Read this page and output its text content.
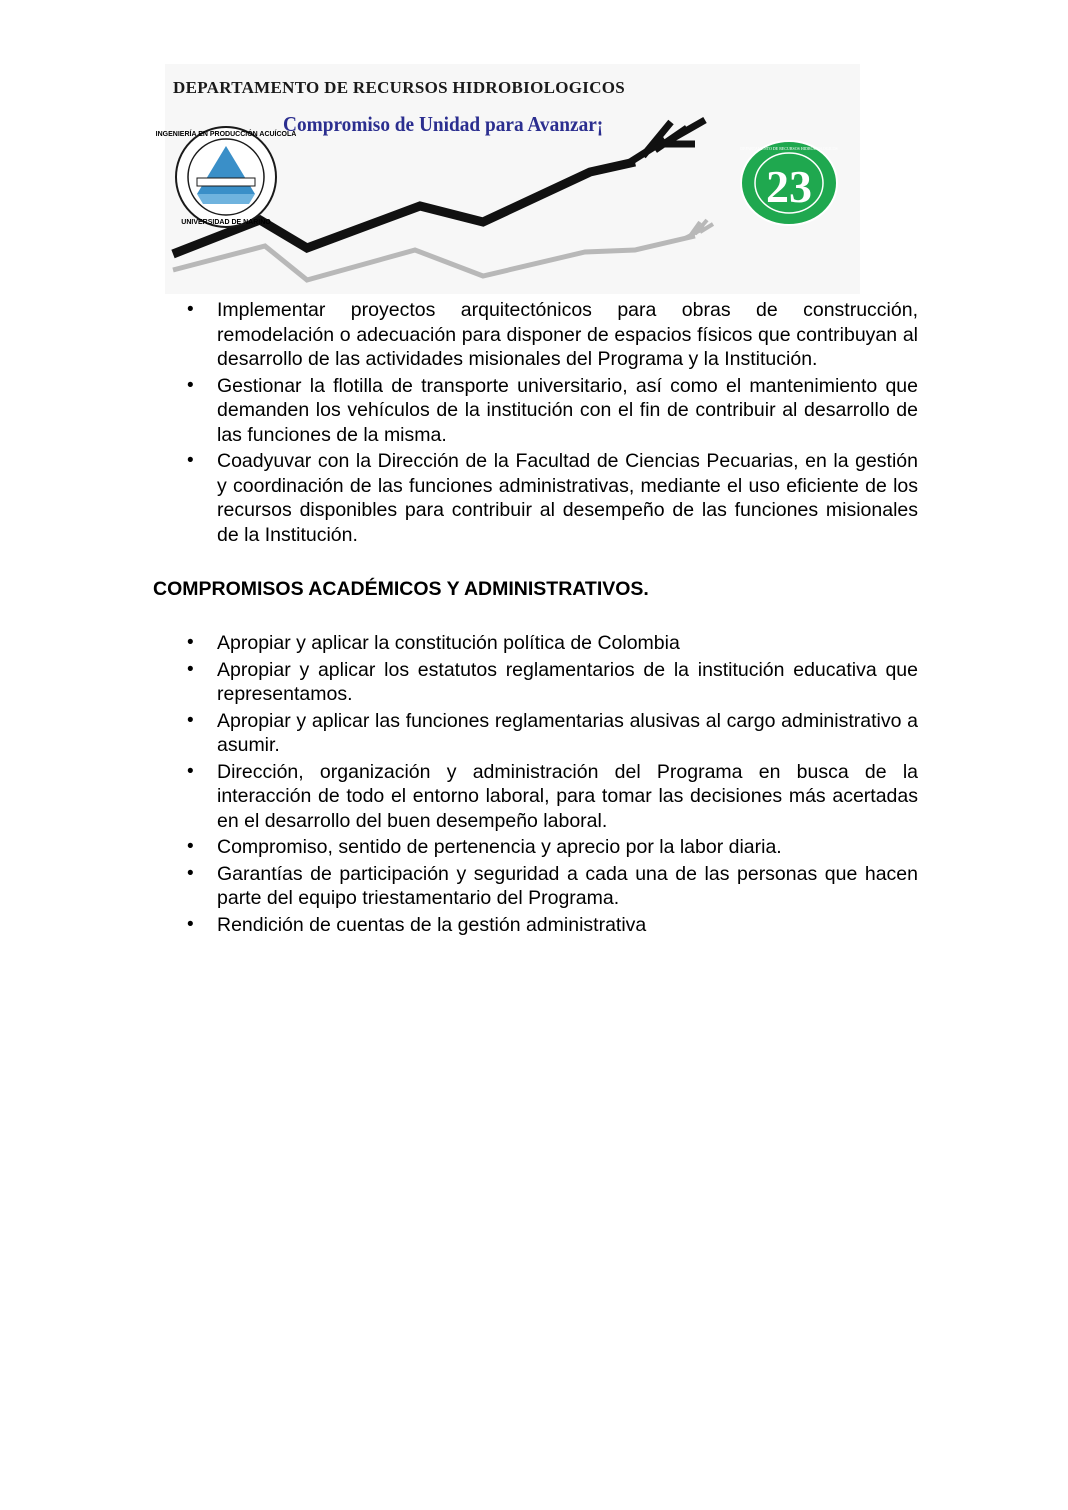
DEPARTAMENTO DE RECURSOS HIDROBIOLOGICOS
Compromiso de Unidad para Avanzar¡
INGENIERÍA EN PRODUCCIÓN ACUÍCOLA
UNIVERSIDAD DE NARIÑO
DEPARTAMENTO DE RECURSOS HIDROBIOLOGICOS
23
• Implementar proyectos arquitectónicos para obras de construcción, remodelación o adecuación para disponer de espacios físicos que contribuyan al desarrollo de las actividades misionales del Programa y la Institución.
• Gestionar la flotilla de transporte universitario, así como el mantenimiento que demanden los vehículos de la institución con el fin de contribuir al desarrollo de las funciones de la misma.
• Coadyuvar con la Dirección de la Facultad de Ciencias Pecuarias, en la gestión y coordinación de las funciones administrativas, mediante el uso eficiente de los recursos disponibles para contribuir al desempeño de las funciones misionales de la Institución.
COMPROMISOS ACADÉMICOS Y ADMINISTRATIVOS.
• Apropiar y aplicar la constitución política de Colombia
• Apropiar y aplicar los estatutos reglamentarios de la institución educativa que representamos.
• Apropiar y aplicar las funciones reglamentarias alusivas al cargo administrativo a asumir.
• Dirección, organización y administración del Programa en busca de la interacción de todo el entorno laboral, para tomar las decisiones más acertadas en el desarrollo del buen desempeño laboral.
• Compromiso, sentido de pertenencia y aprecio por la labor diaria.
• Garantías de participación y seguridad a cada una de las personas que hacen parte del equipo triestamentario del Programa.
• Rendición de cuentas de la gestión administrativa
